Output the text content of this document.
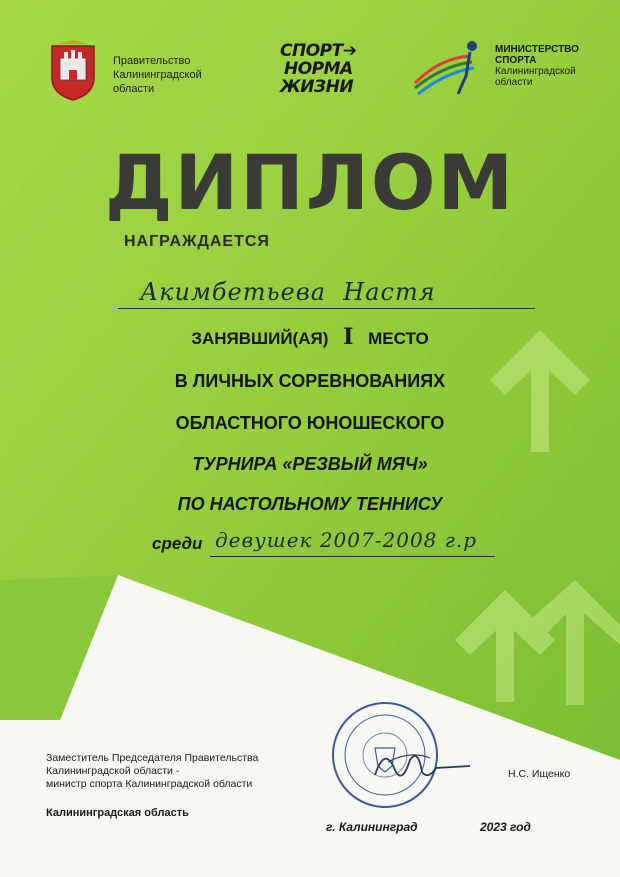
Правительство
Калининградской
области
СПОРТ➔
НОРМА
ЖИЗНИ
МИНИСТЕРСТВО
СПОРТА
Калининградской
области
ДИПЛОМ
НАГРАЖДАЕТСЯ
Акимбетьева  Настя
ЗАНЯВШИЙ(АЯ) I МЕСТО
В ЛИЧНЫХ СОРЕВНОВАНИЯХ
ОБЛАСТНОГО ЮНОШЕСКОГО
ТУРНИРА «РЕЗВЫЙ МЯЧ»
ПО НАСТОЛЬНОМУ ТЕННИСУ
среди девушек 2007-2008 г.р
Заместитель Председателя Правительства
Калининградской области -
министр спорта Калининградской области
Н.С. Ищенко
Калининградская область
г. Калининград	2023 год
